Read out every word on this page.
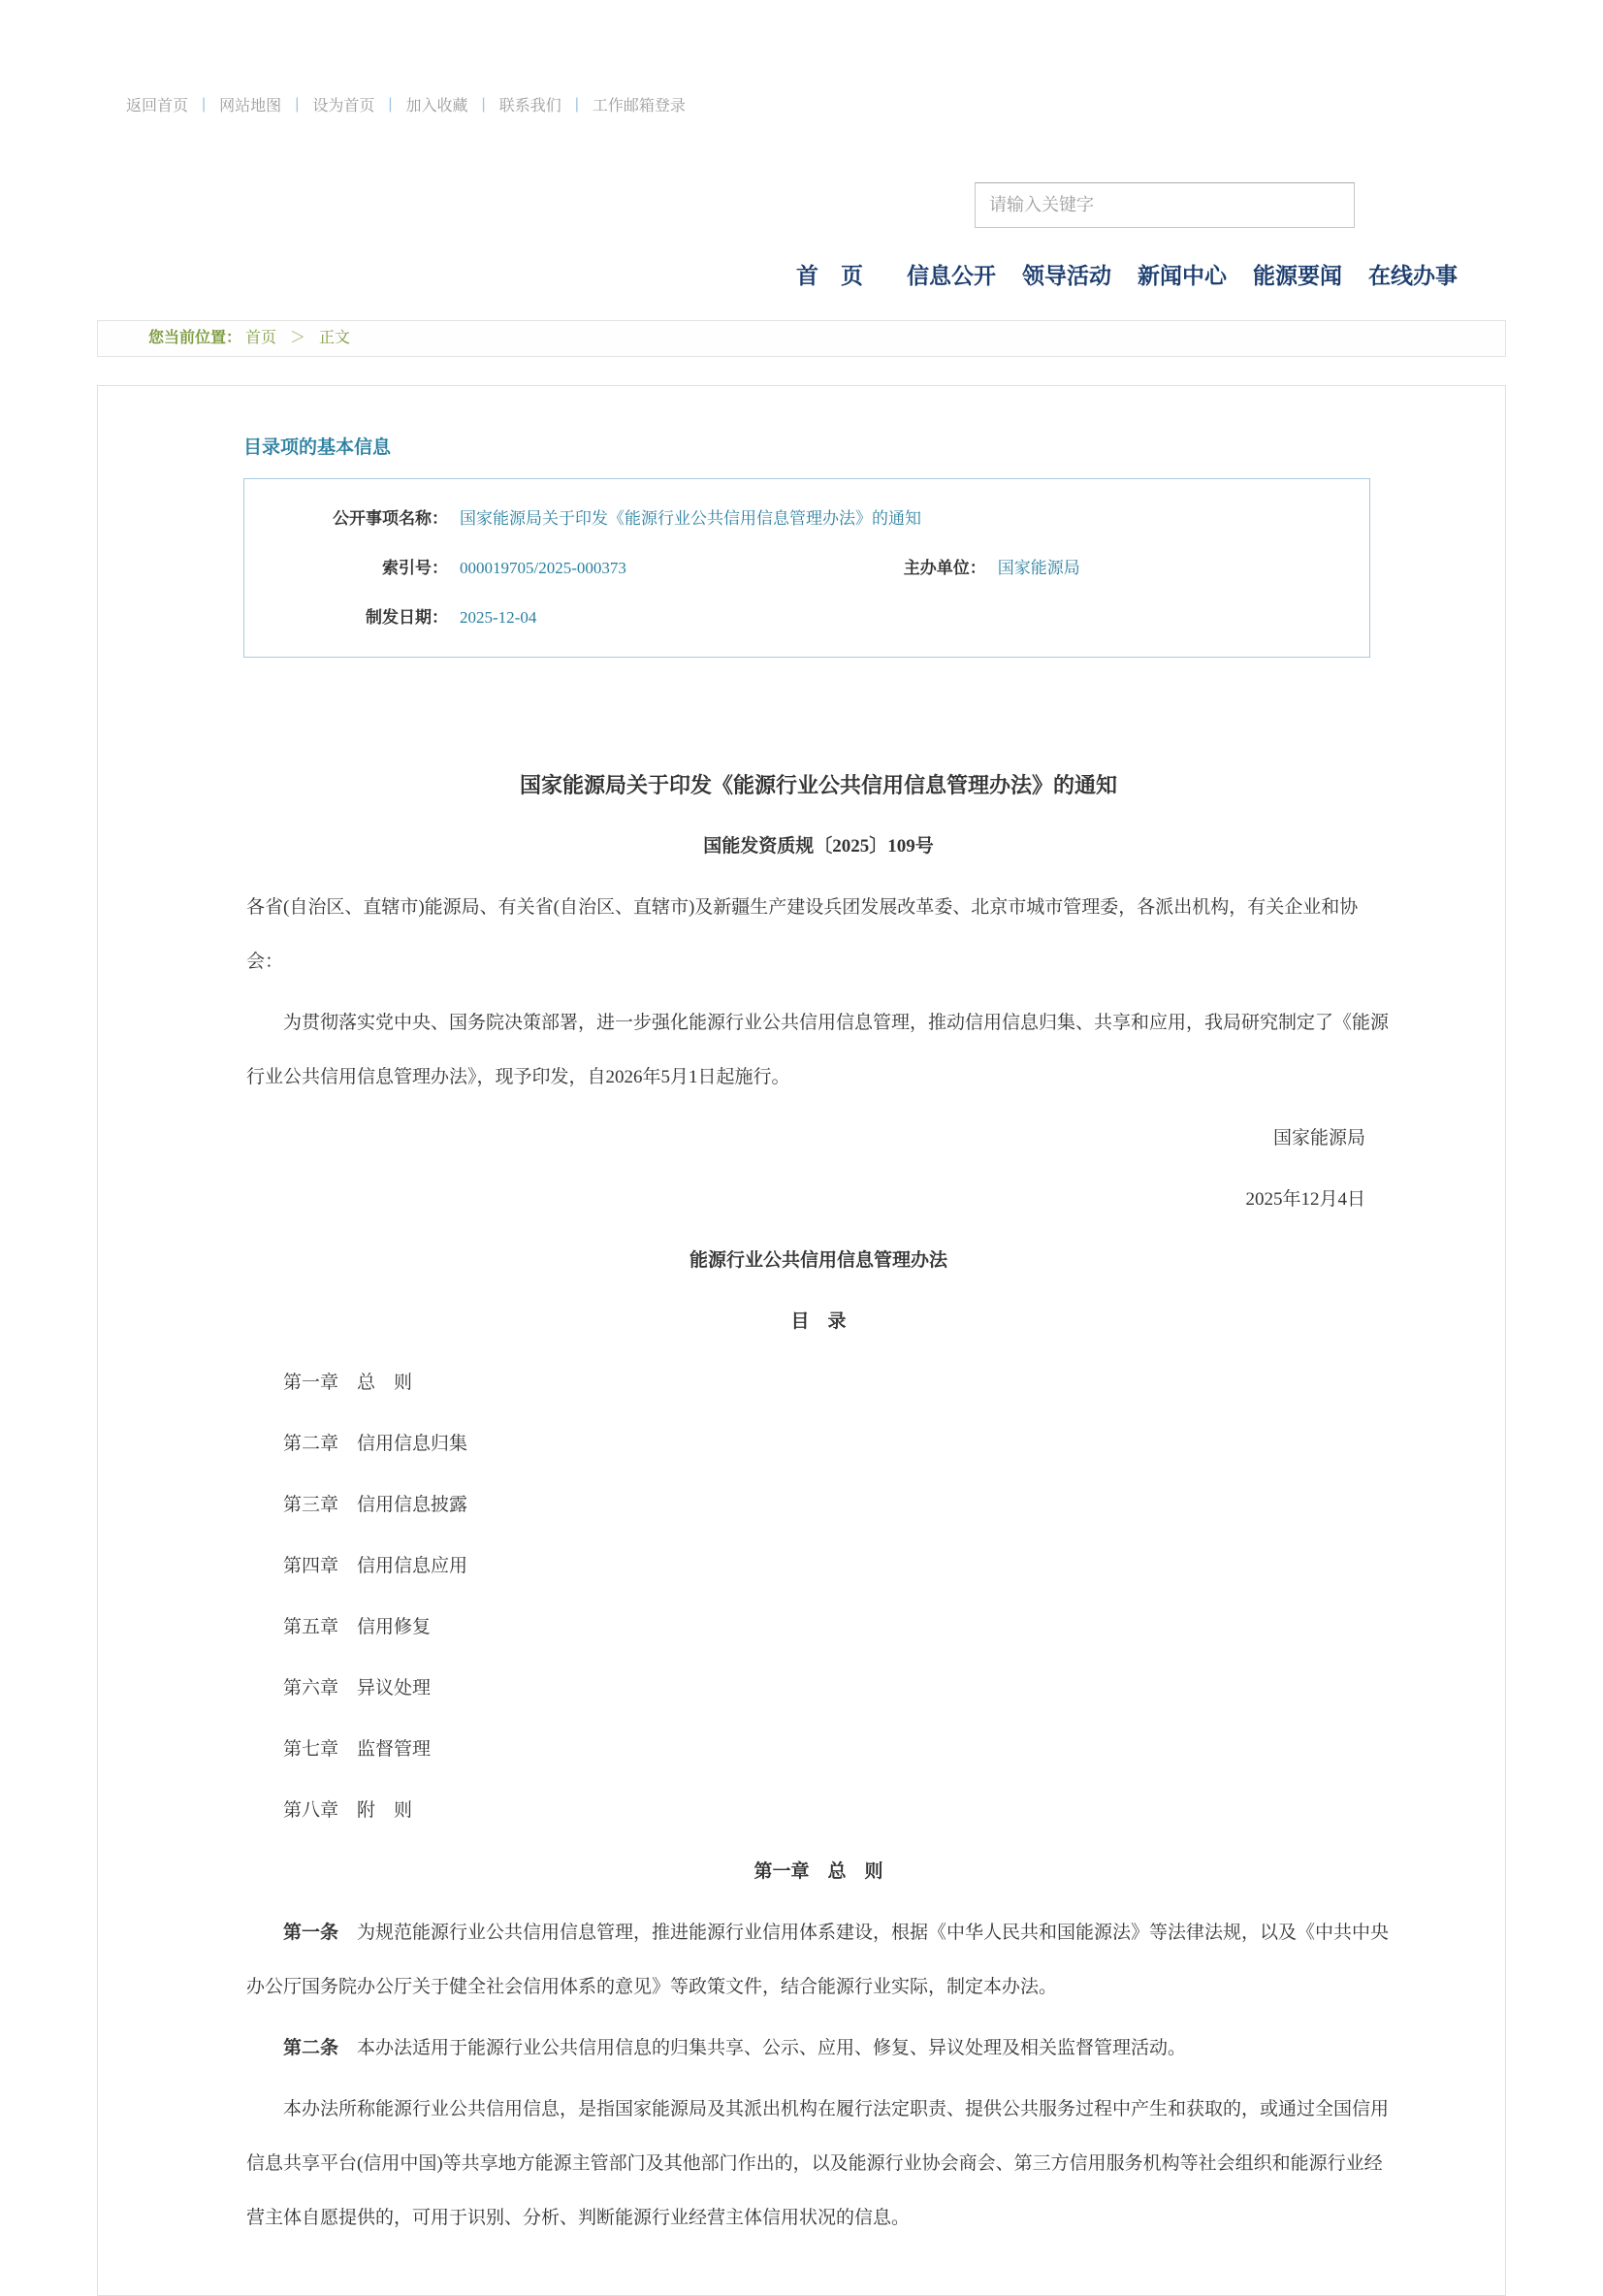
返回首页 | 网站地图 | 设为首页 | 加入收藏 | 联系我们 | 工作邮箱登录
请输入关键字
首　页 信息公开 领导活动 新闻中心 能源要闻 在线办事
您当前位置： 首页 ＞ 正文
目录项的基本信息
公开事项名称： 国家能源局关于印发《能源行业公共信用信息管理办法》的通知
索引号： 000019705/2025-000373	主办单位： 国家能源局
制发日期： 2025-12-04

国家能源局关于印发《能源行业公共信用信息管理办法》的通知

国能发资质规〔2025〕109号

各省(自治区、直辖市)能源局、有关省(自治区、直辖市)及新疆生产建设兵团发展改革委、北京市城市管理委，各派出机构，有关企业和协会：

为贯彻落实党中央、国务院决策部署，进一步强化能源行业公共信用信息管理，推动信用信息归集、共享和应用，我局研究制定了《能源行业公共信用信息管理办法》，现予印发，自2026年5月1日起施行。

国家能源局

2025年12月4日

能源行业公共信用信息管理办法

目　录

第一章　总　则

第二章　信用信息归集

第三章　信用信息披露

第四章　信用信息应用

第五章　信用修复

第六章　异议处理

第七章　监督管理

第八章　附　则

第一章　总　则

第一条　为规范能源行业公共信用信息管理，推进能源行业信用体系建设，根据《中华人民共和国能源法》等法律法规，以及《中共中央办公厅国务院办公厅关于健全社会信用体系的意见》等政策文件，结合能源行业实际，制定本办法。

第二条　本办法适用于能源行业公共信用信息的归集共享、公示、应用、修复、异议处理及相关监督管理活动。

本办法所称能源行业公共信用信息，是指国家能源局及其派出机构在履行法定职责、提供公共服务过程中产生和获取的，或通过全国信用信息共享平台(信用中国)等共享地方能源主管部门及其他部门作出的，以及能源行业协会商会、第三方信用服务机构等社会组织和能源行业经营主体自愿提供的，可用于识别、分析、判断能源行业经营主体信用状况的信息。
